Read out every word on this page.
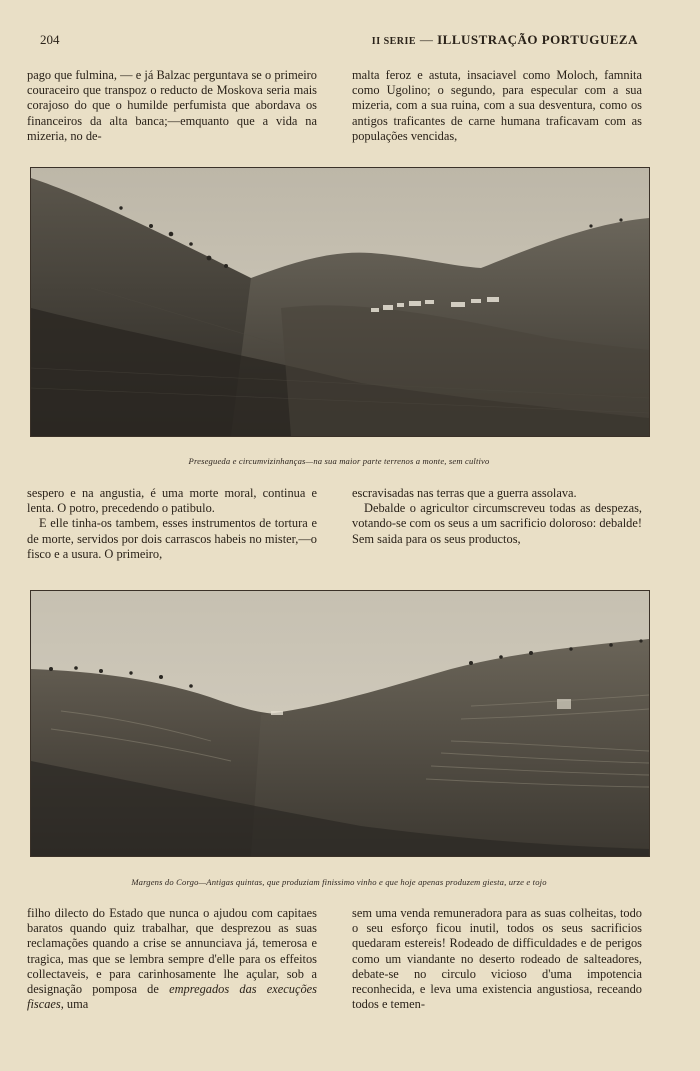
204	II SERIE — ILLUSTRAÇÃO PORTUGUEZA

pago que fulmina, — e já Balzac perguntava se o primeiro couraceiro que transpoz o reducto de Moskova seria mais corajoso do que o humilde perfumista que abordava os financeiros da alta banca;—emquanto que a vida na mizeria, no de-

malta feroz e astuta, insaciavel como Moloch, famnita como Ugolino; o segundo, para especular com a sua mizeria, com a sua ruina, com a sua desventura, como os antigos traficantes de carne humana traficavam com as populações vencidas,

Presegueda e circumvizinhanças—na sua maior parte terrenos a monte, sem cultivo

sespero e na angustia, é uma morte moral, continua e lenta. O potro, precedendo o patibulo.

E elle tinha-os tambem, esses instrumentos de tortura e de morte, servidos por dois carrascos habeis no mister,—o fisco e a usura. O primeiro,

escravisadas nas terras que a guerra assolava.

Debalde o agricultor circumscreveu todas as despezas, votando-se com os seus a um sacrificio doloroso: debalde! Sem saida para os seus productos,

Margens do Corgo—Antigas quintas, que produziam finissimo vinho e que hoje apenas produzem giesta, urze e tojo

filho dilecto do Estado que nunca o ajudou com capitaes baratos quando quiz trabalhar, que desprezou as suas reclamações quando a crise se annunciava já, temerosa e tragica, mas que se lembra sempre d'elle para os effeitos collectaveis, e para carinhosamente lhe açular, sob a designação pomposa de empregados das execuções fiscaes, uma

sem uma venda remuneradora para as suas colheitas, todo o seu esforço ficou inutil, todos os seus sacrificios quedaram estereis! Rodeado de difficuldades e de perigos como um viandante no deserto rodeado de salteadores, debate-se no circulo vicioso d'uma impotencia reconhecida, e leva uma existencia angustiosa, receando todos e temen-
